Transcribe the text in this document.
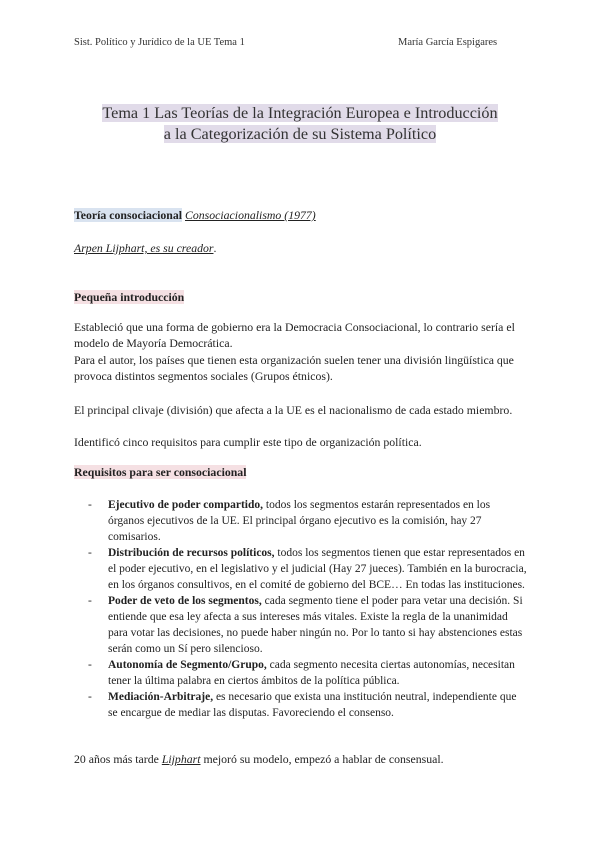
Sist. Político y Jurídico de la UE Tema 1	María García Espigares
Tema 1 Las Teorías de la Integración Europea e Introducción
a la Categorización de su Sistema Político
Teoría consociacional Consociacionalismo (1977)
Arpen Lijphart, es su creador.
Pequeña introducción
Estableció que una forma de gobierno era la Democracia Consociacional, lo contrario sería el modelo de Mayoría Democrática.
Para el autor, los países que tienen esta organización suelen tener una división lingüística que provoca distintos segmentos sociales (Grupos étnicos).
El principal clivaje (división) que afecta a la UE es el nacionalismo de cada estado miembro.
Identificó cinco requisitos para cumplir este tipo de organización política.
Requisitos para ser consociacional
- Ejecutivo de poder compartido, todos los segmentos estarán representados en los órganos ejecutivos de la UE. El principal órgano ejecutivo es la comisión, hay 27 comisarios.
- Distribución de recursos políticos, todos los segmentos tienen que estar representados en el poder ejecutivo, en el legislativo y el judicial (Hay 27 jueces). También en la burocracia, en los órganos consultivos, en el comité de gobierno del BCE… En todas las instituciones.
- Poder de veto de los segmentos, cada segmento tiene el poder para vetar una decisión. Si entiende que esa ley afecta a sus intereses más vitales. Existe la regla de la unanimidad para votar las decisiones, no puede haber ningún no. Por lo tanto si hay abstenciones estas serán como un Sí pero silencioso.
- Autonomía de Segmento/Grupo, cada segmento necesita ciertas autonomías, necesitan tener la última palabra en ciertos ámbitos de la política pública.
- Mediación-Arbitraje, es necesario que exista una institución neutral, independiente que se encargue de mediar las disputas. Favoreciendo el consenso.
20 años más tarde Lijphart mejoró su modelo, empezó a hablar de consensual.
